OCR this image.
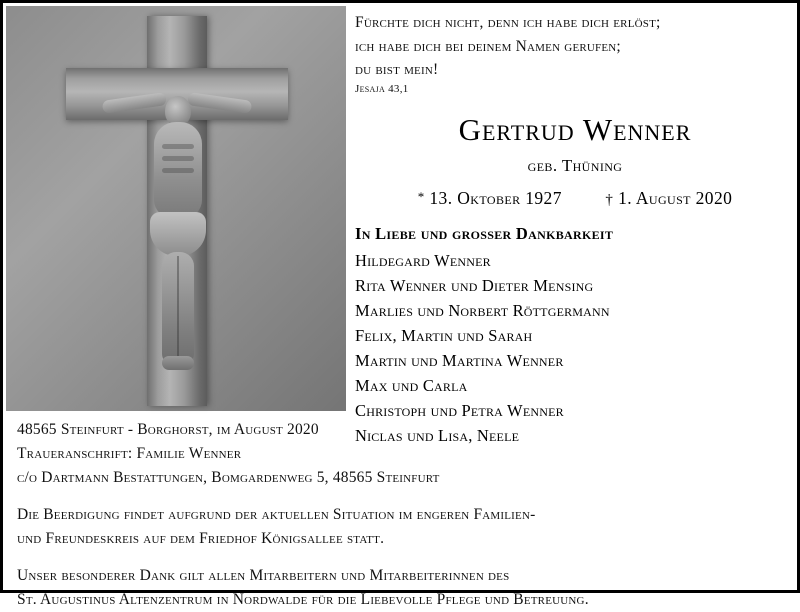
Fürchte dich nicht, denn ich habe dich erlöst;
ich habe dich bei deinem Namen gerufen;
du bist mein!
Jesaja 43,1
Gertrud Wenner
geb. Thüning
* 13. Oktober 1927	† 1. August 2020
In Liebe und grosser Dankbarkeit
Hildegard Wenner
Rita Wenner und Dieter Mensing
Marlies und Norbert Röttgermann
Felix, Martin und Sarah
Martin und Martina Wenner
Max und Carla
Christoph und Petra Wenner
Niclas und Lisa, Neele

48565 Steinfurt - Borghorst, im August 2020

Traueranschrift: Familie Wenner

c/o Dartmann Bestattungen, Bomgardenweg 5, 48565 Steinfurt

Die Beerdigung findet aufgrund der aktuellen Situation im engeren Familien-

und Freundeskreis auf dem Friedhof Königsallee statt.

Unser besonderer Dank gilt allen Mitarbeitern und Mitarbeiterinnen des

St. Augustinus Altenzentrum in Nordwalde für die Liebevolle Pflege und Betreuung.
